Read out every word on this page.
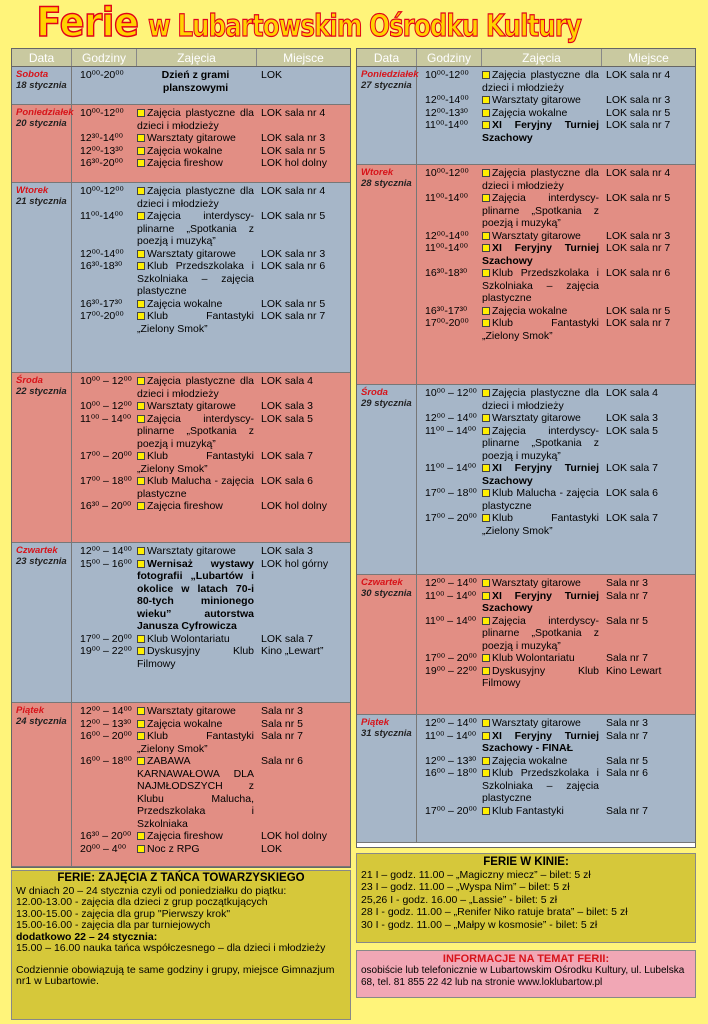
Ferie w Lubartowskim Ośrodku Kultury
Data	Godziny	Zajęcia	Miejsce
Sobota
18 stycznia
10⁰⁰-20⁰⁰	Dzień z grami planszowymi
LOK
Poniedziałek
20 stycznia
10⁰⁰-12⁰⁰	Zajęcia plastyczne dla dzieci i młodzieży
LOK sala nr 4
12³⁰-14⁰⁰	Warsztaty gitarowe	LOK sala nr 3
12⁰⁰-13³⁰	Zajęcia wokalne	LOK sala nr 5
16³⁰-20⁰⁰	Zajęcia fireshow	LOK hol dolny
Wtorek
21 stycznia
10⁰⁰-12⁰⁰	Zajęcia plastyczne dla dzieci i młodzieży
LOK sala nr 4
11⁰⁰-14⁰⁰	Zajęcia interdyscyplinarne „Spotkania z poezją i muzyką”
LOK sala nr 5
12⁰⁰-14⁰⁰	Warsztaty gitarowe	LOK sala nr 3
16³⁰-18³⁰	Klub Przedszkolaka i Szkolniaka – zajęcia plastyczne
LOK sala nr 6
16³⁰-17³⁰	Zajęcia wokalne	LOK sala nr 5
17⁰⁰-20⁰⁰	Klub Fantastyki „Zielony Smok”
LOK sala nr 7
Środa
22 stycznia
10⁰⁰ – 12⁰⁰	Zajęcia plastyczne dla dzieci i młodzieży
LOK sala 4
10⁰⁰ – 12⁰⁰	Warsztaty gitarowe	LOK sala 3
11⁰⁰ – 14⁰⁰	Zajęcia interdyscyplinarne „Spotkania z poezją i muzyką”
LOK sala 5
17⁰⁰ – 20⁰⁰	Klub Fantastyki „Zielony Smok”
LOK sala 7
17⁰⁰ – 18⁰⁰	Klub Malucha - zajęcia plastyczne
LOK sala 6
16³⁰ – 20⁰⁰	Zajęcia fireshow	LOK hol dolny
Czwartek
23 stycznia
12⁰⁰ – 14⁰⁰	Warsztaty gitarowe	LOK sala 3
15⁰⁰ – 16⁰⁰	Wernisaż wystawy fotografii „Lubartów i okolice w latach 70-i 80-tych minionego wieku” autorstwa Janusza Cyfrowicza
LOK hol górny
17⁰⁰ – 20⁰⁰	Klub Wolontariatu	LOK sala 7
19⁰⁰ – 22⁰⁰	Dyskusyjny Klub Filmowy
Kino „Lewart”
Piątek
24 stycznia
12⁰⁰ – 14⁰⁰	Warsztaty gitarowe	Sala nr 3
12⁰⁰ – 13³⁰	Zajęcia wokalne	Sala nr 5
16⁰⁰ – 20⁰⁰	Klub Fantastyki „Zielony Smok”
Sala nr 7
16⁰⁰ – 18⁰⁰	ZABAWA KARNAWAŁOWA DLA NAJMŁODSZYCH z Klubu Malucha, Przedszkolaka i Szkolniaka
Sala nr 6
16³⁰ – 20⁰⁰	Zajęcia fireshow	LOK hol dolny
20⁰⁰ – 4⁰⁰	Noc z RPG	LOK
Data	Godziny	Zajęcia	Miejsce
Poniedziałek
27 stycznia
10⁰⁰-12⁰⁰	Zajęcia plastyczne dla dzieci i młodzieży
LOK sala nr 4
12⁰⁰-14⁰⁰	Warsztaty gitarowe	LOK sala nr 3
12⁰⁰-13³⁰	Zajęcia wokalne	LOK sala nr 5
11⁰⁰-14⁰⁰	XI Feryjny Turniej Szachowy
LOK sala nr 7
Wtorek
28 stycznia
10⁰⁰-12⁰⁰	Zajęcia plastyczne dla dzieci i młodzieży
LOK sala nr 4
11⁰⁰-14⁰⁰	Zajęcia interdyscyplinarne „Spotkania z poezją i muzyką”
LOK sala nr 5
12⁰⁰-14⁰⁰	Warsztaty gitarowe	LOK sala nr 3
11⁰⁰-14⁰⁰	XI Feryjny Turniej Szachowy
LOK sala nr 7
16³⁰-18³⁰	Klub Przedszkolaka i Szkolniaka – zajęcia plastyczne
LOK sala nr 6
16³⁰-17³⁰	Zajęcia wokalne	LOK sala nr 5
17⁰⁰-20⁰⁰	Klub Fantastyki „Zielony Smok”
LOK sala nr 7
Środa
29 stycznia
10⁰⁰ – 12⁰⁰	Zajęcia plastyczne dla dzieci i młodzieży
LOK sala 4
12⁰⁰ – 14⁰⁰	Warsztaty gitarowe	LOK sala 3
11⁰⁰ – 14⁰⁰	Zajęcia interdyscyplinarne „Spotkania z poezją i muzyką”
LOK sala 5
11⁰⁰ – 14⁰⁰	XI Feryjny Turniej Szachowy
LOK sala 7
17⁰⁰ – 18⁰⁰	Klub Malucha - zajęcia plastyczne
LOK sala 6
17⁰⁰ – 20⁰⁰	Klub Fantastyki „Zielony Smok”
LOK sala 7
Czwartek
30 stycznia
12⁰⁰ – 14⁰⁰	Warsztaty gitarowe	Sala nr 3
11⁰⁰ – 14⁰⁰	XI Feryjny Turniej Szachowy
Sala nr 7
11⁰⁰ – 14⁰⁰	Zajęcia interdyscyplinarne „Spotkania z poezją i muzyką”
Sala nr 5
17⁰⁰ – 20⁰⁰	Klub Wolontariatu	Sala nr 7
19⁰⁰ – 22⁰⁰	Dyskusyjny Klub Filmowy
Kino Lewart
Piątek
31 stycznia
12⁰⁰ – 14⁰⁰	Warsztaty gitarowe	Sala nr 3
11⁰⁰ – 14⁰⁰	XI Feryjny Turniej Szachowy - FINAŁ
Sala nr 7
12⁰⁰ – 13³⁰	Zajęcia wokalne	Sala nr 5
16⁰⁰ – 18⁰⁰	Klub Przedszkolaka i Szkolniaka – zajęcia plastyczne
Sala nr 6
17⁰⁰ – 20⁰⁰	Klub Fantastyki	Sala nr 7
FERIE: ZAJĘCIA Z TAŃCA TOWARZYSKIEGO
W dniach 20 – 24 stycznia czyli od poniedziałku do piątku:
12.00-13.00 - zajęcia dla dzieci z grup początkujących
13.00-15.00 - zajęcia dla grup "Pierwszy krok"
15.00-16.00 - zajęcia dla par turniejowych
dodatkowo 22 – 24 stycznia:
15.00 – 16.00 nauka tańca współczesnego – dla dzieci i młodzieży
Codziennie obowiązują te same godziny i grupy, miejsce Gimnazjum nr1 w Lubartowie.
FERIE W KINIE:
21 I – godz. 11.00 – „Magiczny miecz” – bilet: 5 zł
23 I – godz. 11.00 – „Wyspa Nim” – bilet: 5 zł
25,26 I - godz. 16.00 – „Lassie” - bilet: 5 zł
28 I - godz. 11.00 – „Renifer Niko ratuje brata” – bilet: 5 zł
30 I - godz. 11.00 – „Małpy w kosmosie” - bilet: 5 zł
INFORMACJE NA TEMAT FERII:
osobiście lub telefonicznie w Lubartowskim Ośrodku Kultury, ul. Lubelska 68, tel. 81 855 22 42 lub na stronie www.loklubartow.pl
